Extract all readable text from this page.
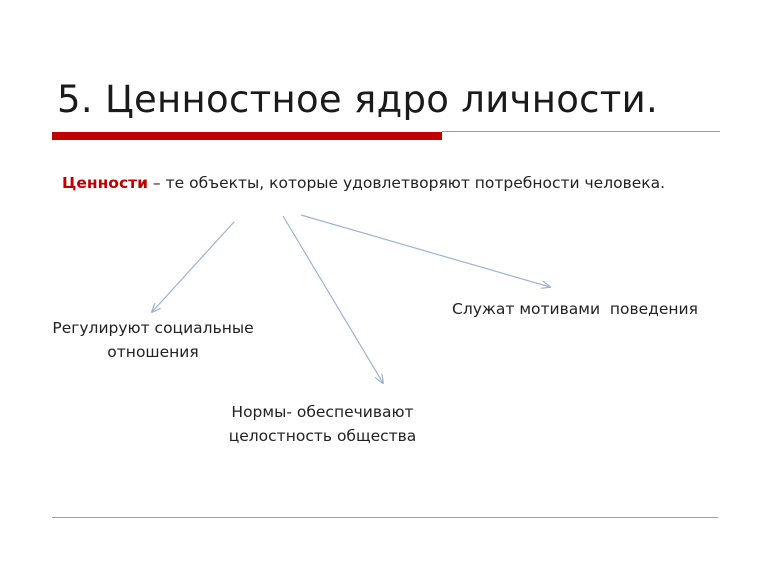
5. Ценностное ядро личности.
Ценности – те объекты, которые удовлетворяют потребности человека.
Регулируют социальные
отношения
Нормы- обеспечивают
целостность общества
Служат мотивами  поведения
